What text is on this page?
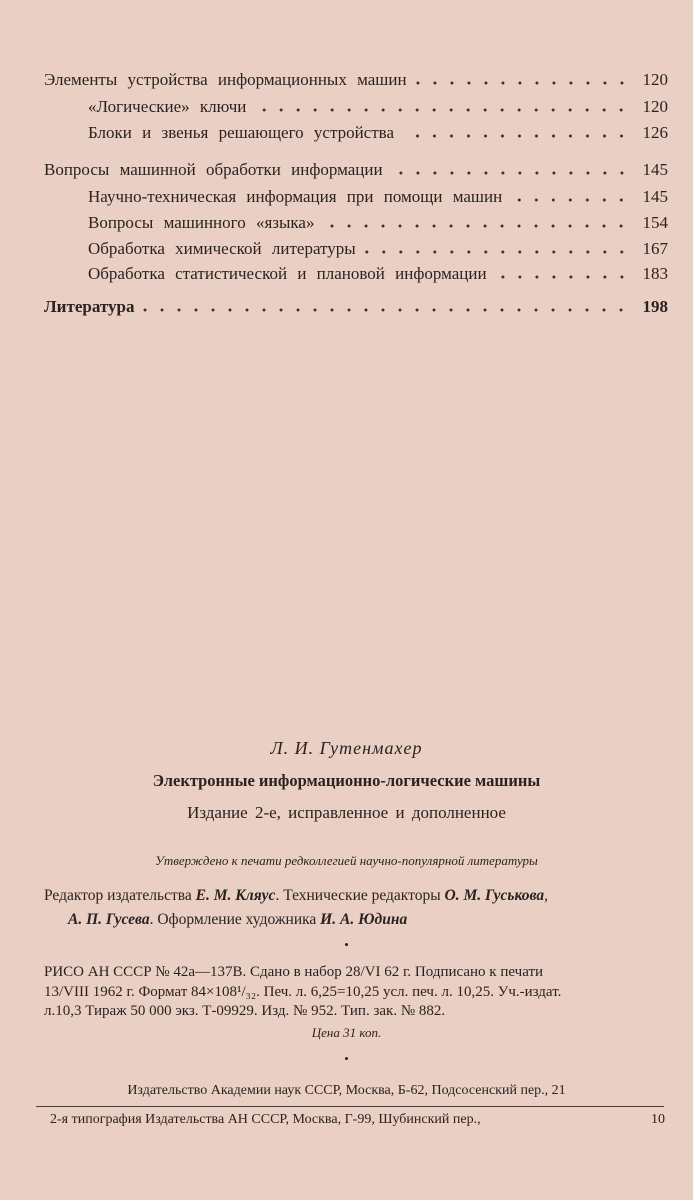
Элементы устройства информационных машин	120
«Логические» ключи	120
Блоки и звенья решающего устройства	126
Вопросы машинной обработки информации	145
Научно-техническая информация при помощи машин	145
Вопросы машинного «языка»	154
Обработка химической литературы	167
Обработка статистической и плановой информации	183
Литература	198
Л. И. Гутенмахер
Электронные информационно-логические машины
Издание 2-е, исправленное и дополненное
Утверждено к печати редколлегией научно-популярной литературы
Редактор издательства Е. М. Кляус. Технические редакторы О. М. Гуськова,
А. П. Гусева. Оформление художника И. А. Юдина
•
РИСО АН СССР № 42а—137В. Сдано в набор 28/VI 62 г. Подписано к печати
13/VIII 1962 г. Формат 84×108¹/₃₂. Печ. л. 6,25=10,25 усл. печ. л. 10,25. Уч.-издат.
л.10,3 Тираж 50 000 экз. Т-09929. Изд. № 952. Тип. зак. № 882.
Цена 31 коп.
•
Издательство Академии наук СССР, Москва, Б-62, Подсосенский пер., 21
2-я типография Издательства АН СССР, Москва, Г-99, Шубинский пер.,	10
